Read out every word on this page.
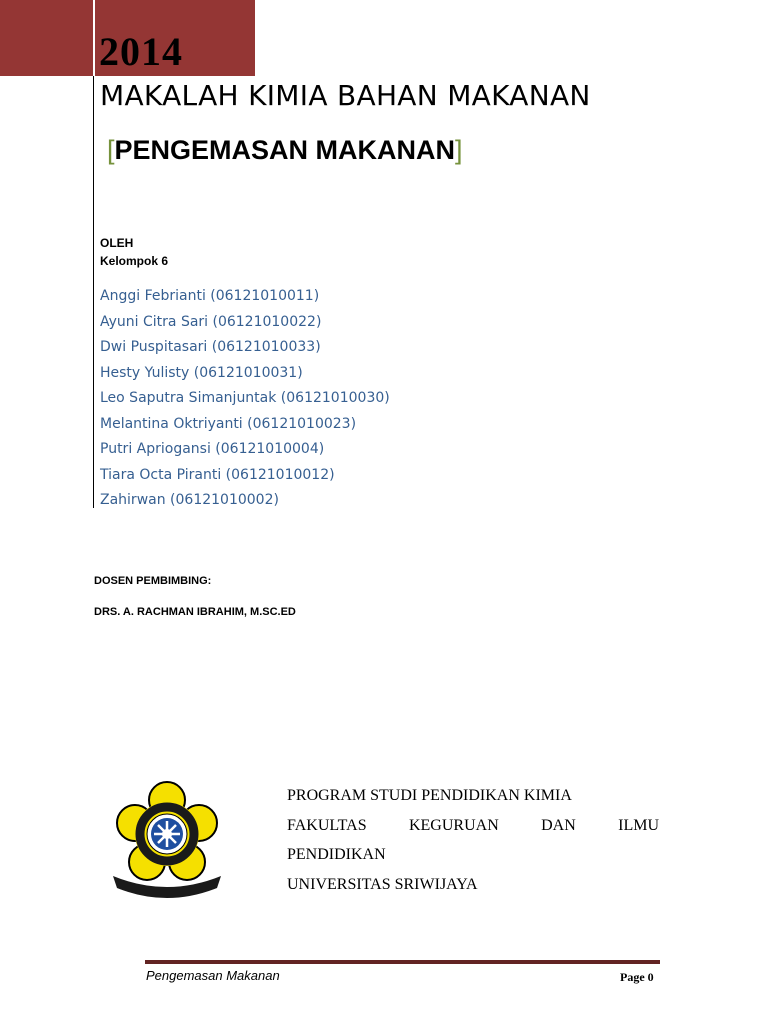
2014
MAKALAH KIMIA BAHAN MAKANAN
[PENGEMASAN MAKANAN]
OLEH
Kelompok 6
Anggi Febrianti (06121010011)
Ayuni Citra Sari (06121010022)
Dwi Puspitasari (06121010033)
Hesty Yulisty (06121010031)
Leo Saputra Simanjuntak (06121010030)
Melantina Oktriyanti (06121010023)
Putri Apriogansi (06121010004)
Tiara Octa Piranti (06121010012)
Zahirwan (06121010002)
DOSEN PEMBIMBING:
DRS. A. RACHMAN IBRAHIM, M.SC.ED
PROGRAM STUDI PENDIDIKAN KIMIA
FAKULTAS	KEGURUAN	DAN	ILMU
PENDIDIKAN
UNIVERSITAS SRIWIJAYA
Pengemasan Makanan	Page 0
